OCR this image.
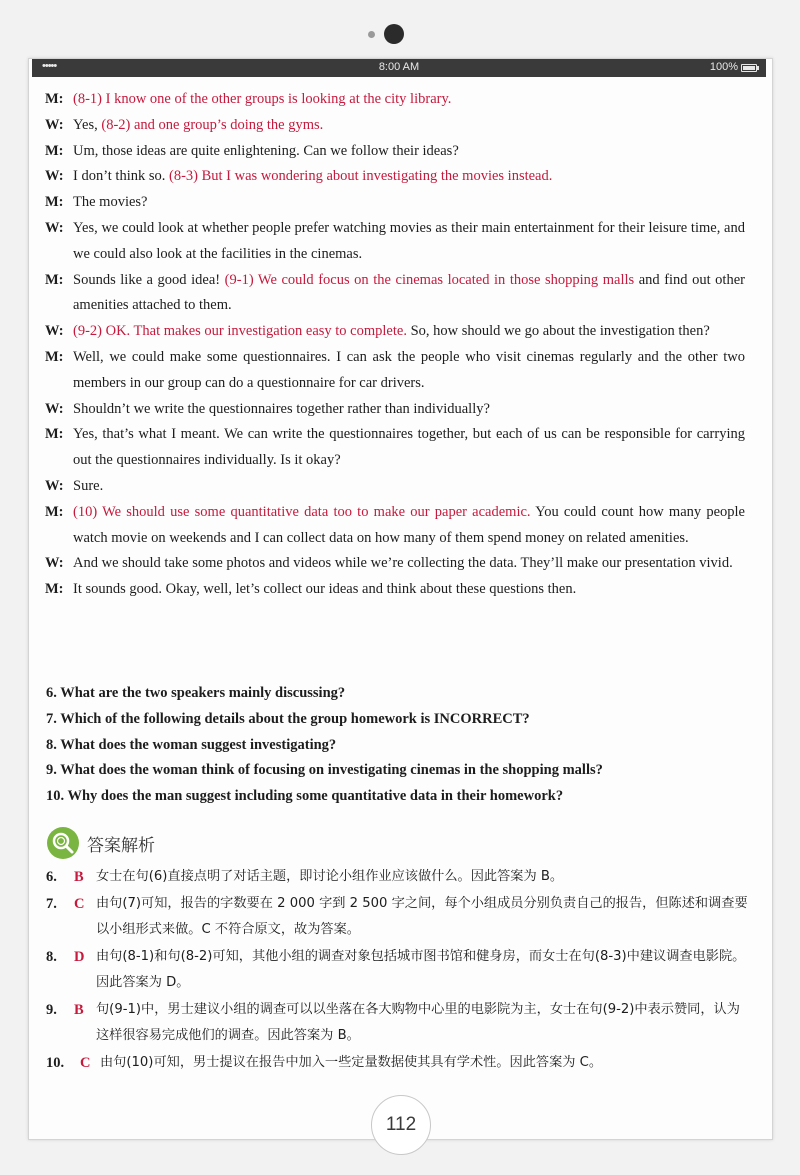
•••••	8:00 AM	100%
M: (8-1) I know one of the other groups is looking at the city library.
W: Yes, (8-2) and one group’s doing the gyms.
M: Um, those ideas are quite enlightening. Can we follow their ideas?
W: I don’t think so. (8-3) But I was wondering about investigating the movies instead.
M: The movies?
W: Yes, we could look at whether people prefer watching movies as their main entertainment for their leisure time, and we could also look at the facilities in the cinemas.
M: Sounds like a good idea! (9-1) We could focus on the cinemas located in those shopping malls and find out other amenities attached to them.
W: (9-2) OK. That makes our investigation easy to complete. So, how should we go about the investigation then?
M: Well, we could make some questionnaires. I can ask the people who visit cinemas regularly and the other two members in our group can do a questionnaire for car drivers.
W: Shouldn’t we write the questionnaires together rather than individually?
M: Yes, that’s what I meant. We can write the questionnaires together, but each of us can be responsible for carrying out the questionnaires individually. Is it okay?
W: Sure.
M: (10) We should use some quantitative data too to make our paper academic. You could count how many people watch movie on weekends and I can collect data on how many of them spend money on related amenities.
W: And we should take some photos and videos while we’re collecting the data. They’ll make our presentation vivid.
M: It sounds good. Okay, well, let’s collect our ideas and think about these questions then.
6. What are the two speakers mainly discussing?
7. Which of the following details about the group homework is INCORRECT?
8. What does the woman suggest investigating?
9. What does the woman think of focusing on investigating cinemas in the shopping malls?
10. Why does the man suggest including some quantitative data in their homework?
答案解析
6.	B 女士在句(6)直接点明了对话主题，即讨论小组作业应该做什么。因此答案为 B。
7.	C 由句(7)可知，报告的字数要在 2 000 字到 2 500 字之间，每个小组成员分别负责自己的报告，但陈述和调查要以小组形式来做。C 不符合原文，故为答案。
8.	D 由句(8-1)和句(8-2)可知，其他小组的调查对象包括城市图书馆和健身房，而女士在句(8-3)中建议调查电影院。因此答案为 D。
9.	B 句(9-1)中，男士建议小组的调查可以以坐落在各大购物中心里的电影院为主，女士在句(9-2)中表示赞同，认为这样很容易完成他们的调查。因此答案为 B。
10.	C 由句(10)可知，男士提议在报告中加入一些定量数据使其具有学术性。因此答案为 C。
112
